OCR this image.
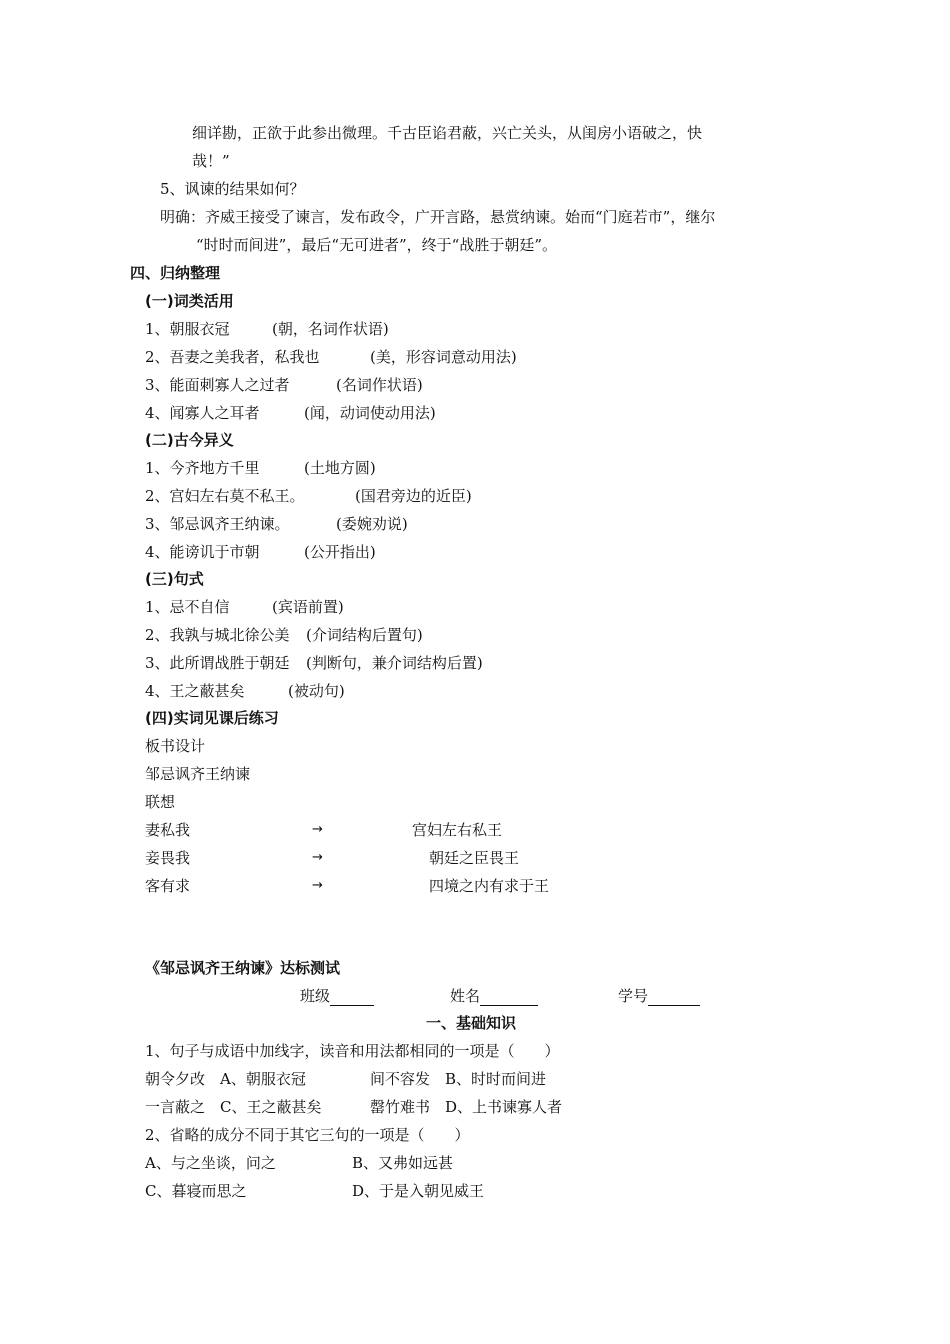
细详勘，正欲于此参出微理。千古臣谄君蔽，兴亡关头，从闺房小语破之，快
哉！”
5、讽谏的结果如何？
明确：齐威王接受了谏言，发布政令，广开言路，悬赏纳谏。始而“门庭若市”，继尔
“时时而间进”，最后“无可进者”，终于“战胜于朝廷”。
四、归纳整理
(一)词类活用
1、朝服衣冠	(朝，名词作状语)
2、吾妻之美我者，私我也	(美，形容词意动用法)
3、能面刺寡人之过者	(名词作状语)
4、闻寡人之耳者	(闻，动词使动用法)
(二)古今异义
1、今齐地方千里	(土地方圆)
2、宫妇左右莫不私王。	(国君旁边的近臣)
3、邹忌讽齐王纳谏。	(委婉劝说)
4、能谤讥于市朝	(公开指出)
(三)句式
1、忌不自信	(宾语前置)
2、我孰与城北徐公美 (介词结构后置句)
3、此所谓战胜于朝廷 (判断句，兼介词结构后置)
4、王之蔽甚矣	(被动句)
(四)实词见课后练习
板书设计
邹忌讽齐王纳谏
联想
妻私我	→	宫妇左右私王
妾畏我	→	朝廷之臣畏王
客有求	→	四境之内有求于王
《邹忌讽齐王纳谏》达标测试
班级	姓名	学号
一、基础知识
1、句子与成语中加线字，读音和用法都相同的一项是（　　）
朝令夕改　A、朝服衣冠	间不容发　B、时时而间进
一言蔽之　C、王之蔽甚矣	罄竹难书　D、上书谏寡人者
2、省略的成分不同于其它三句的一项是（　　）
A、与之坐谈，问之	B、又弗如远甚
C、暮寝而思之	D、于是入朝见威王
